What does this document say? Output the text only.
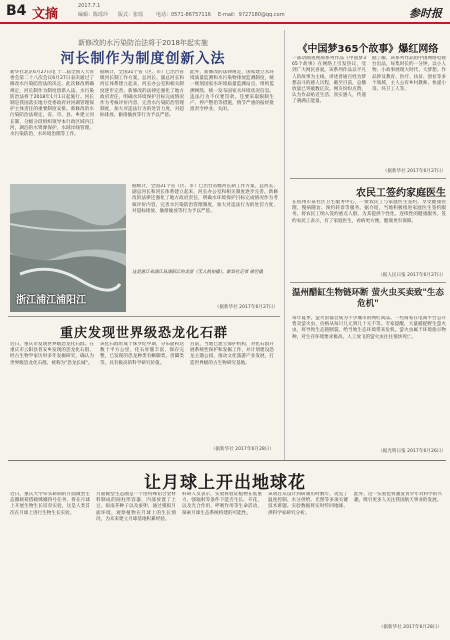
B4 文摘
2017.7.1
编辑：陈瑶玲 版式：张瑶	电话：0571-86757116 E-mail：9727180@qq.com	参时报
新修改的水污染防治法将于2018年起实施
河长制作为制度创新入法
新华社北京6月27日电 十二届全国人大常委会第二十八次会议6月27日表决通过了修改水污染防治法的决定。此次修改明确规定，河长制作为制度创新入法，水污染防治法将于2018年1月1日起施行。河长制是我国落实地方党委政府对河湖管理保护主体责任的重要制度安排。新修改的水污染防治法规定，省、市、县、乡建立河长制，分级分段组织领导本行政区域内江河、湖泊的水资源保护、水域岸线管理、水污染防治、水环境治理等工作。
据统计，全国31个省（区、市）已出台省级河长制工作方案，总河长、副总河长和河长体系建立起来，河长办公室和相关制度逐步完善。新修改的法律还强化了地方政府责任，明确水环境保护目标完成情况作为考核评价内容，完善水污染防治管理制度，加大对违法行为的处罚力度，对超标排放、偷排偷放等行为予以严惩。
此外，新修改的法律规定，国家建立水环境质量监测和水污染物排放监测制度，统一规划国家水环境质量监测站点，组织监测网络，统一发布国家水环境状况信息。违法行为不仅要罚款，还要采取限制生产、停产整治等措施，情节严重的报经批准责令停业、关闭。
浙江浦江浦阳江
这是浙江省浦江县浦阳江的美景（无人机拍摄）。新华社记者 徐昱摄
据统计，全国31个省（区、市）已出台省级河长制工作方案，总河长、副总河长和河长体系建立起来，河长办公室和相关制度逐步完善。新修改的法律还强化了地方政府责任，明确水环境保护目标完成情况作为考核评价内容，完善水污染防治管理制度，加大对违法行为的处罚力度，对超标排放、偷排偷放等行为予以严惩。
（据新华社 2017年6月27日）
重庆发现世界级恐龙化石群
近日，重庆市发现世界级恐龙化石群。在重庆市云阳县普安乡发现的恐龙化石群，经古生物学家历时多年发掘研究，确认为世界级恐龙化石群，被称为"恐龙长城"。
该化石群形成于侏罗纪中期，分布面积达数十平方公里，化石骨骼丰富、保存完整，已发现的恐龙种类有蜥脚类、兽脚类等，具有极高的科学研究价值。
目前，当地已建立保护机构，对化石群开展系统性保护和发掘工作，并计划建设恐龙主题公园，推动文化旅游产业发展，打造世界级的古生物研究基地。
（据新华社 2017年6月28日）
《中国梦365个故事》爆红网络
一部动画短视频系列作品《中国梦365个故事》在网络上引发热议，受到广大网民喜爱。该系列作品以平凡人的故事为主线，讲述普通百姓为梦想奋斗的感人历程，截至目前，总播放量已突破数亿次。网友纷纷点赞，认为作品贴近生活、真实感人，传递了满满正能量。
据了解，该系列作品由中国网络电视台出品，每集时长约一分钟，以小人物、小故事展现大时代、大梦想。作品涉及教育、医疗、扶贫、创业等多个领域，主人公有乡村教师、快递小哥、环卫工人等。
（据新华社 2017年6月27日）
农民工签约家庭医生
在杭州市某社区卫生服务中心，一批农民工与家庭医生签约，享受健康管理、慢病随访、预约转诊等服务。据介绍，当地积极推进家庭医生签约服务，将农民工纳入签约重点人群，为其提供个性化、连续性的健康服务。签约农民工表示，有了家庭医生，看病更方便，健康更有保障。
（据人民日报 2017年6月27日）
温州醋缸生物链环断 萤火虫买卖致"生态危机"
每年夏季，萤火虫都会成为不少城市的网红商品。一些商家在电商平台公开售卖萤火虫，价格从每只几元到几十元不等。专家提醒，大量捕捉野生萤火虫，将导致生态链断裂，给当地生态环境带来危机。萤火虫属于环境指示物种，对生存环境要求极高，人工放飞的萤火虫往往很快死亡。
（据光明日报 2017年6月26日）
让月球上开出地球花
近日，重庆大学牵头研制的月面微型生态圈载荷搭载嫦娥四号任务，将在月球上开展生物生长培育实验，这是人类首次在月球上进行生物生长实验。
月面微型生态圈是一个由特殊铝合金材料制成的圆柱形容器，内部放置了土豆、拟南芥种子以及蚕卵，通过模拟月面环境，观察植物在月球上的生长情况，为未来建立月球基地积累经验。
科研人员表示，实验将验证植物在低重力、强辐射等条件下能否生长、开花，以及光合作用、呼吸作用等生命活动，探索月球生态系统构建的可能性。
该项目从设计到研制历时数年，攻克了温度控制、水分供给、光照等多项关键技术难题。实验数据将实时传回地球，供科学家研究分析。
此外，这一实验也将激发青少年对科学的兴趣，吸引更多人关注我国航天事业的发展。
（据新华社 2017年6月28日）
